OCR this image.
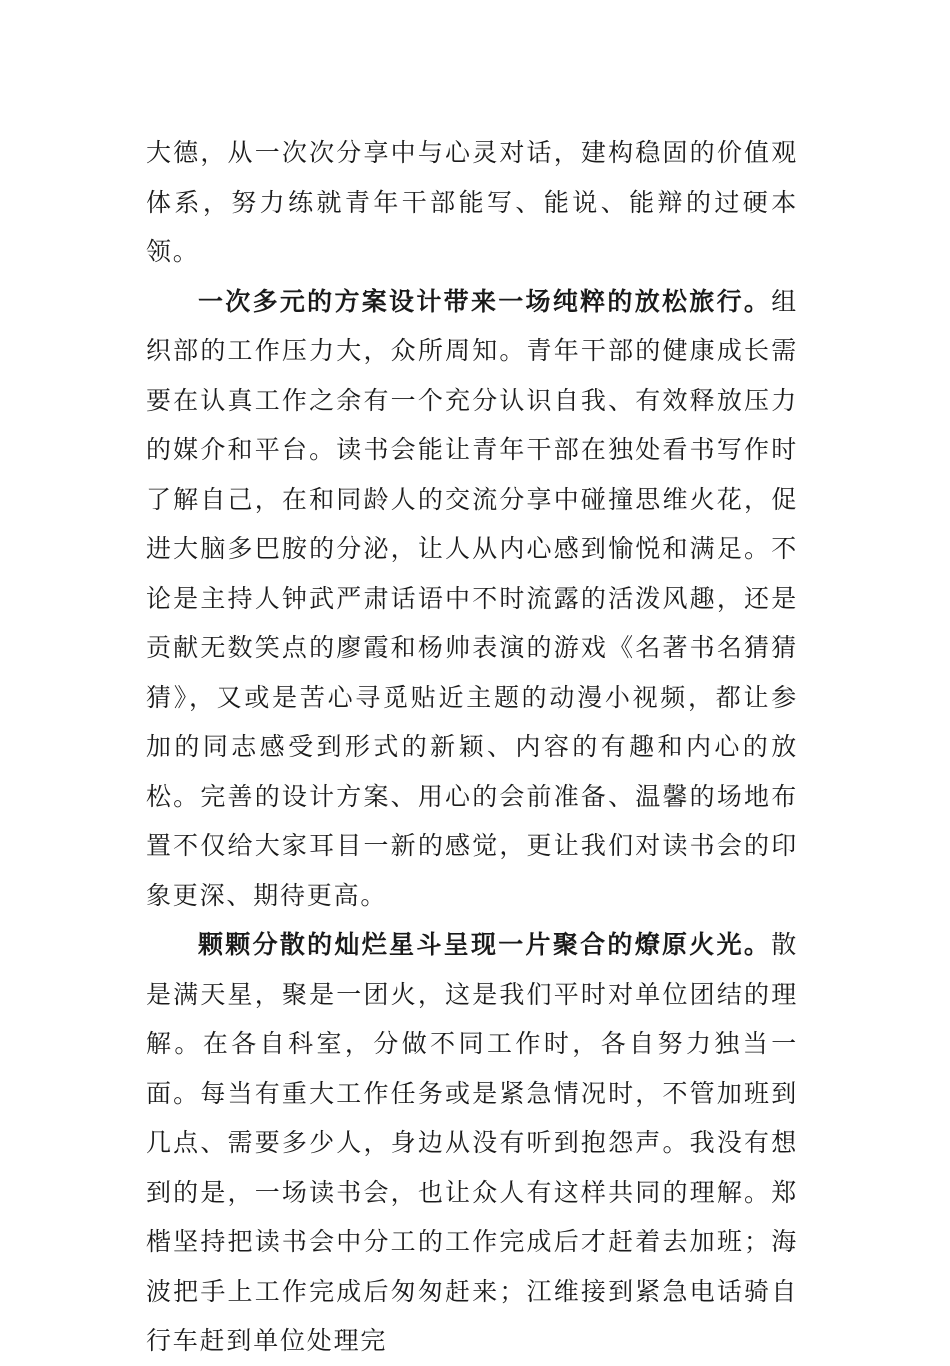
大德，从一次次分享中与心灵对话，建构稳固的价值观体系，努力练就青年干部能写、能说、能辩的过硬本领。

一次多元的方案设计带来一场纯粹的放松旅行。组织部的工作压力大，众所周知。青年干部的健康成长需要在认真工作之余有一个充分认识自我、有效释放压力的媒介和平台。读书会能让青年干部在独处看书写作时了解自己，在和同龄人的交流分享中碰撞思维火花，促进大脑多巴胺的分泌，让人从内心感到愉悦和满足。不论是主持人钟武严肃话语中不时流露的活泼风趣，还是贡献无数笑点的廖霞和杨帅表演的游戏《名著书名猜猜猜》，又或是苦心寻觅贴近主题的动漫小视频，都让参加的同志感受到形式的新颖、内容的有趣和内心的放松。完善的设计方案、用心的会前准备、温馨的场地布置不仅给大家耳目一新的感觉，更让我们对读书会的印象更深、期待更高。

颗颗分散的灿烂星斗呈现一片聚合的燎原火光。散是满天星，聚是一团火，这是我们平时对单位团结的理解。在各自科室，分做不同工作时，各自努力独当一面。每当有重大工作任务或是紧急情况时，不管加班到几点、需要多少人，身边从没有听到抱怨声。我没有想到的是，一场读书会，也让众人有这样共同的理解。郑楷坚持把读书会中分工的工作完成后才赶着去加班；海波把手上工作完成后匆匆赶来；江维接到紧急电话骑自行车赶到单位处理完
